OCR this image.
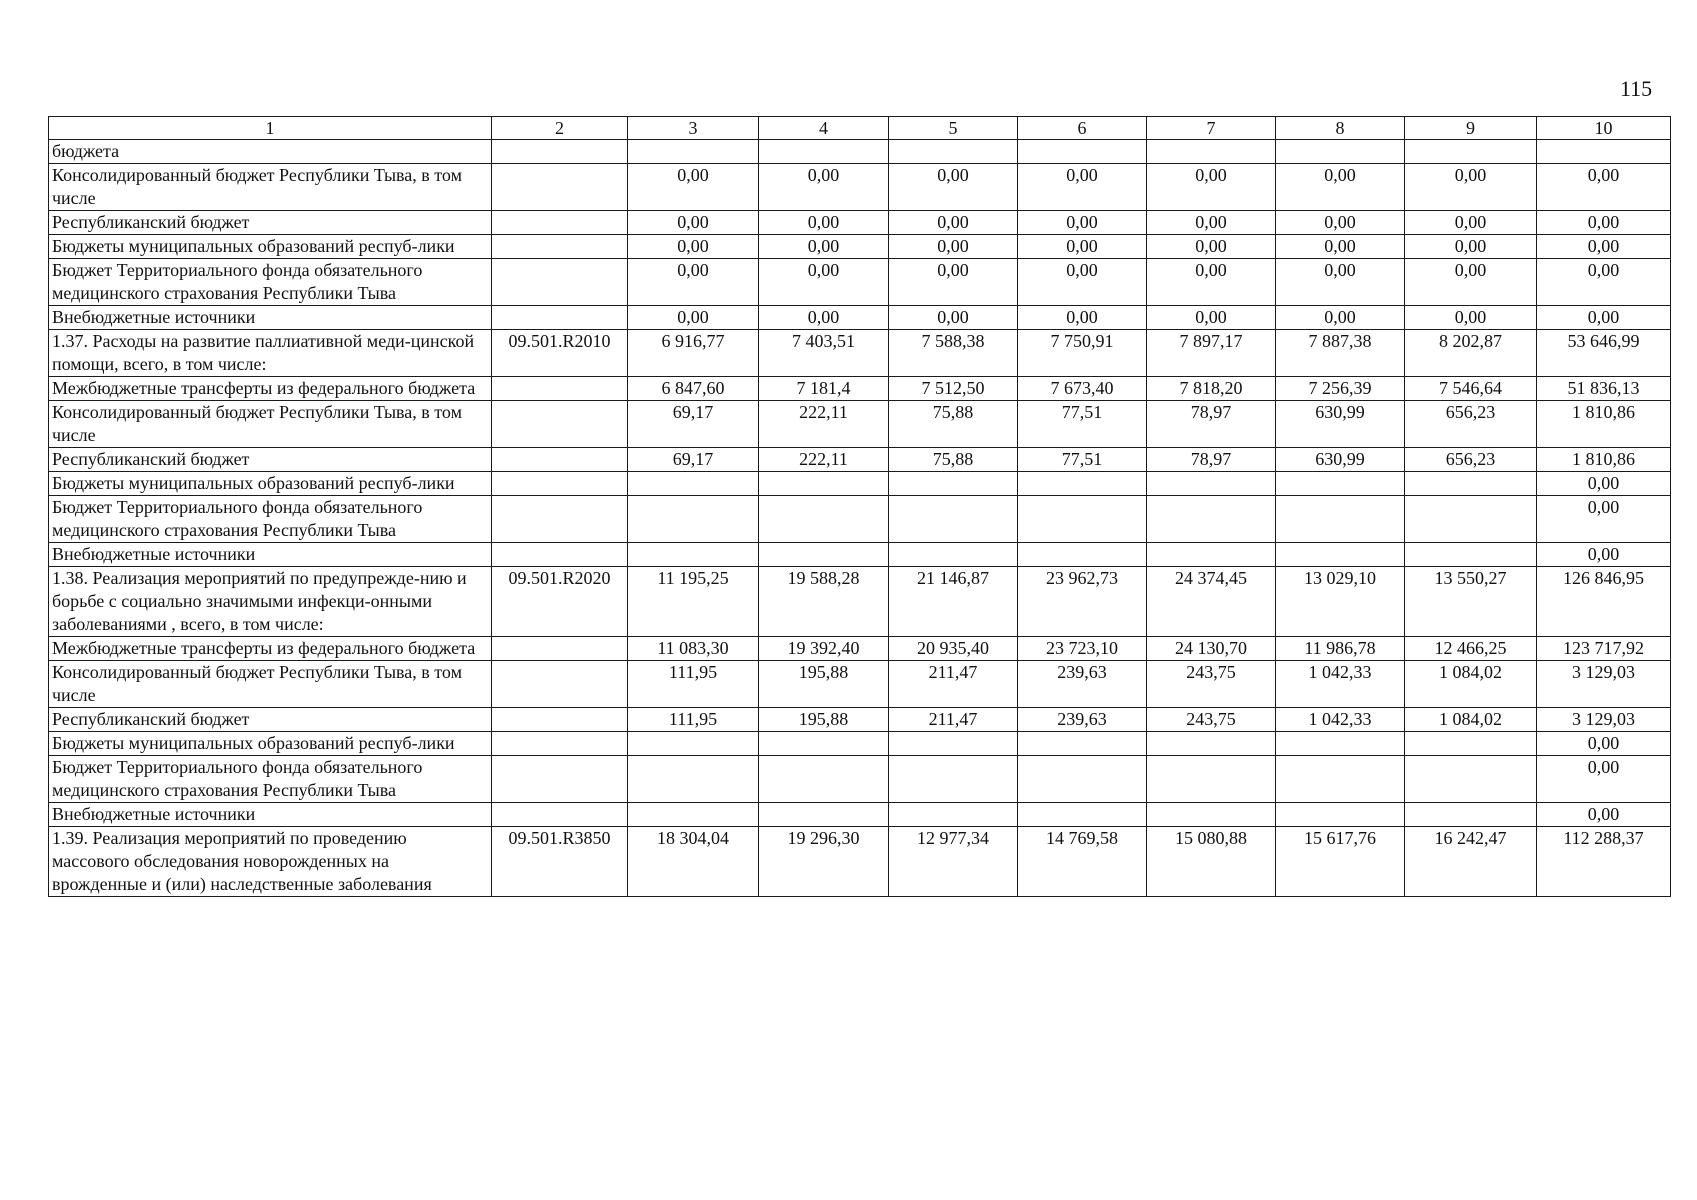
115
1	2	3	4	5	6	7	8	9	10
бюджета									
Консолидированный бюджет Республики Тыва, в том числе		0,00	0,00	0,00	0,00	0,00	0,00	0,00	0,00
Республиканский бюджет		0,00	0,00	0,00	0,00	0,00	0,00	0,00	0,00
Бюджеты муниципальных образований респуб-лики		0,00	0,00	0,00	0,00	0,00	0,00	0,00	0,00
Бюджет Территориального фонда обязательного медицинского страхования Республики Тыва		0,00	0,00	0,00	0,00	0,00	0,00	0,00	0,00
Внебюджетные источники		0,00	0,00	0,00	0,00	0,00	0,00	0,00	0,00
1.37. Расходы на развитие паллиативной меди-цинской помощи, всего, в том числе:	09.501.R2010	6 916,77	7 403,51	7 588,38	7 750,91	7 897,17	7 887,38	8 202,87	53 646,99
Межбюджетные трансферты из федерального бюджета		6 847,60	7 181,4	7 512,50	7 673,40	7 818,20	7 256,39	7 546,64	51 836,13
Консолидированный бюджет Республики Тыва, в том числе		69,17	222,11	75,88	77,51	78,97	630,99	656,23	1 810,86
Республиканский бюджет		69,17	222,11	75,88	77,51	78,97	630,99	656,23	1 810,86
Бюджеты муниципальных образований респуб-лики									0,00
Бюджет Территориального фонда обязательного медицинского страхования Республики Тыва									0,00
Внебюджетные источники									0,00
1.38. Реализация мероприятий по предупрежде-нию и борьбе с социально значимыми инфекци-онными заболеваниями , всего, в том числе:	09.501.R2020	11 195,25	19 588,28	21 146,87	23 962,73	24 374,45	13 029,10	13 550,27	126 846,95
Межбюджетные трансферты из федерального бюджета		11 083,30	19 392,40	20 935,40	23 723,10	24 130,70	11 986,78	12 466,25	123 717,92
Консолидированный бюджет Республики Тыва, в том числе		111,95	195,88	211,47	239,63	243,75	1 042,33	1 084,02	3 129,03
Республиканский бюджет		111,95	195,88	211,47	239,63	243,75	1 042,33	1 084,02	3 129,03
Бюджеты муниципальных образований респуб-лики									0,00
Бюджет Территориального фонда обязательного медицинского страхования Республики Тыва									0,00
Внебюджетные источники									0,00
1.39. Реализация мероприятий по проведению массового обследования новорожденных на врожденные и (или) наследственные заболевания	09.501.R3850	18 304,04	19 296,30	12 977,34	14 769,58	15 080,88	15 617,76	16 242,47	112 288,37
